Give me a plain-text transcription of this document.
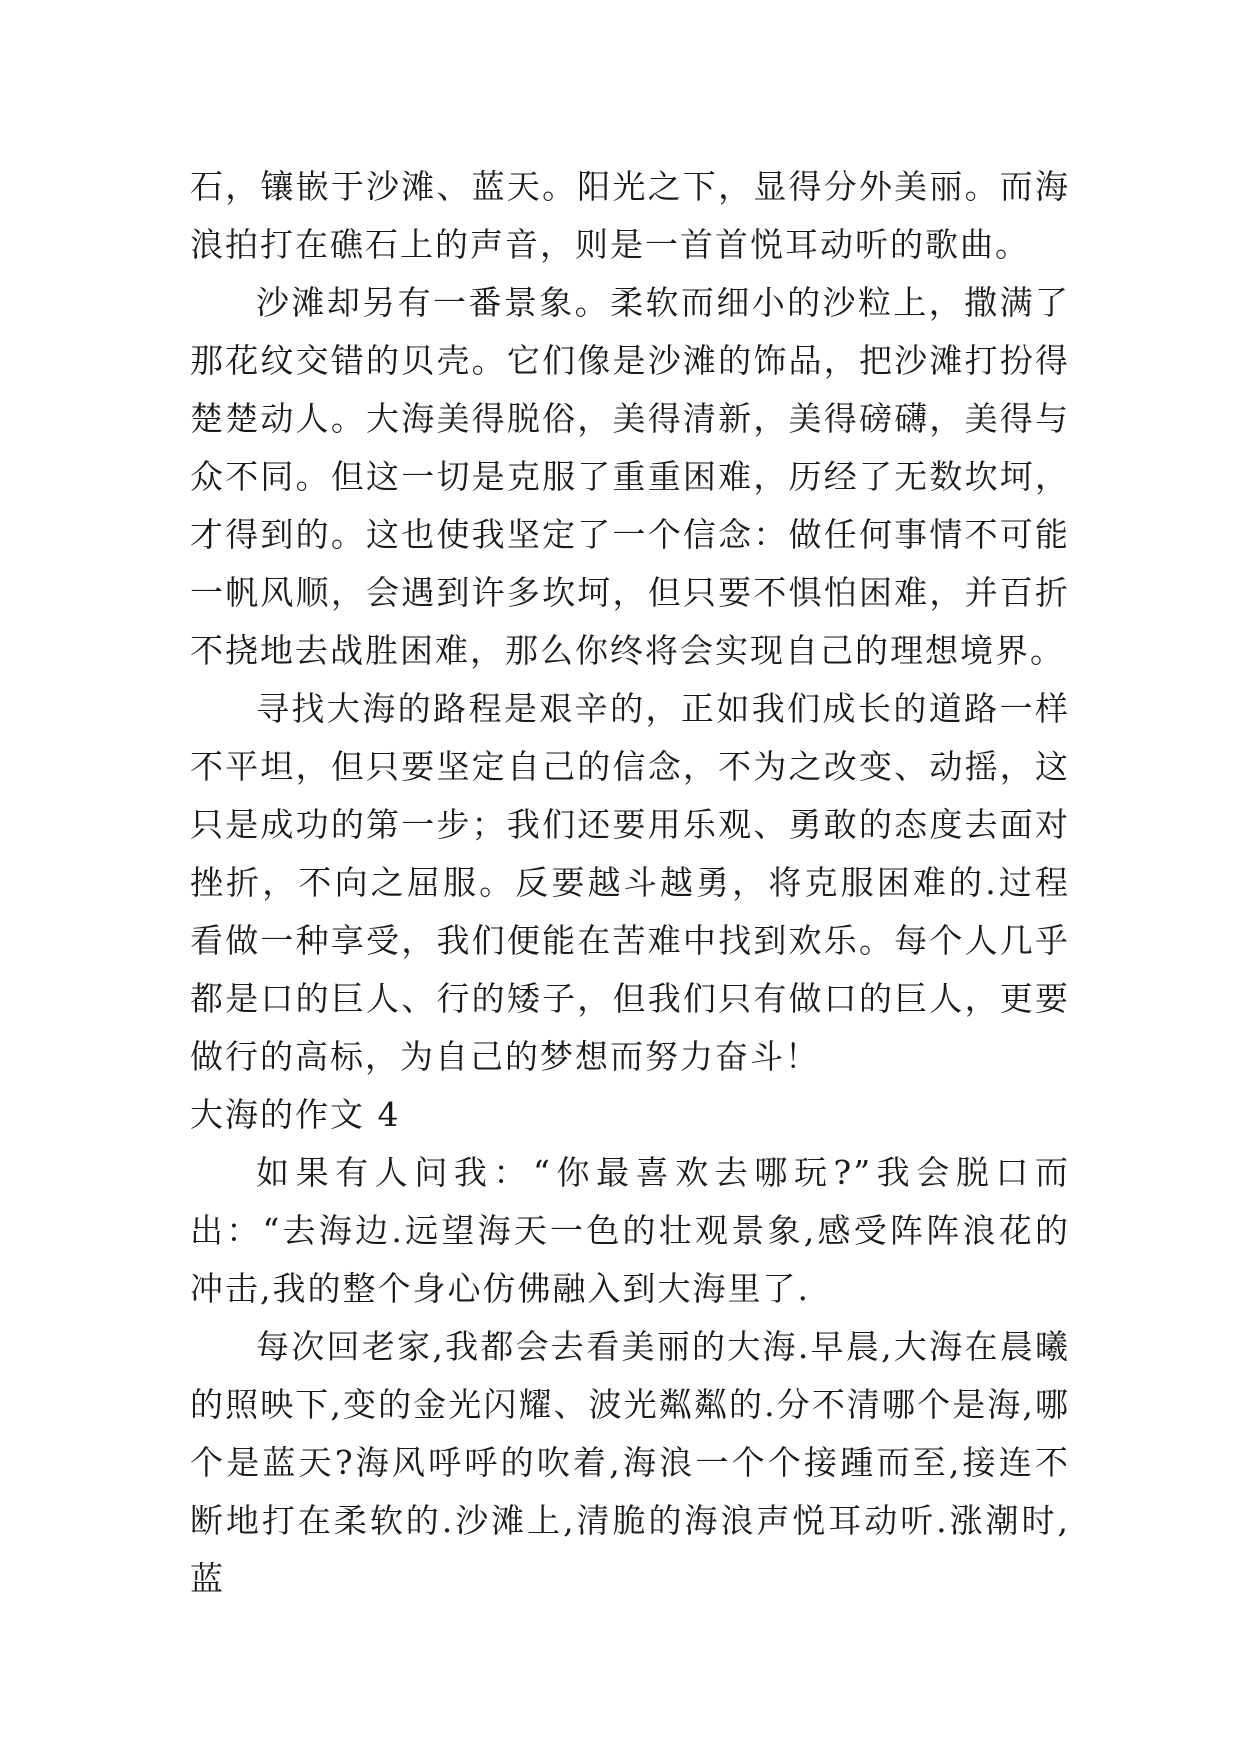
石，镶嵌于沙滩、蓝天。阳光之下，显得分外美丽。而海浪拍打在礁石上的声音，则是一首首悦耳动听的歌曲。

沙滩却另有一番景象。柔软而细小的沙粒上，撒满了那花纹交错的贝壳。它们像是沙滩的饰品，把沙滩打扮得楚楚动人。大海美得脱俗，美得清新，美得磅礴，美得与众不同。但这一切是克服了重重困难，历经了无数坎坷，才得到的。这也使我坚定了一个信念：做任何事情不可能一帆风顺，会遇到许多坎坷，但只要不惧怕困难，并百折不挠地去战胜困难，那么你终将会实现自己的理想境界。

寻找大海的路程是艰辛的，正如我们成长的道路一样不平坦，但只要坚定自己的信念，不为之改变、动摇，这只是成功的第一步；我们还要用乐观、勇敢的态度去面对挫折，不向之屈服。反要越斗越勇，将克服困难的.过程看做一种享受，我们便能在苦难中找到欢乐。每个人几乎都是口的巨人、行的矮子，但我们只有做口的巨人，更要做行的高标，为自己的梦想而努力奋斗！

大海的作文 4

如果有人问我：“你最喜欢去哪玩?”我会脱口而出：“去海边.远望海天一色的壮观景象,感受阵阵浪花的冲击,我的整个身心仿佛融入到大海里了.

每次回老家,我都会去看美丽的大海.早晨,大海在晨曦的照映下,变的金光闪耀、波光粼粼的.分不清哪个是海,哪个是蓝天?海风呼呼的吹着,海浪一个个接踵而至,接连不断地打在柔软的.沙滩上,清脆的海浪声悦耳动听.涨潮时,蓝
